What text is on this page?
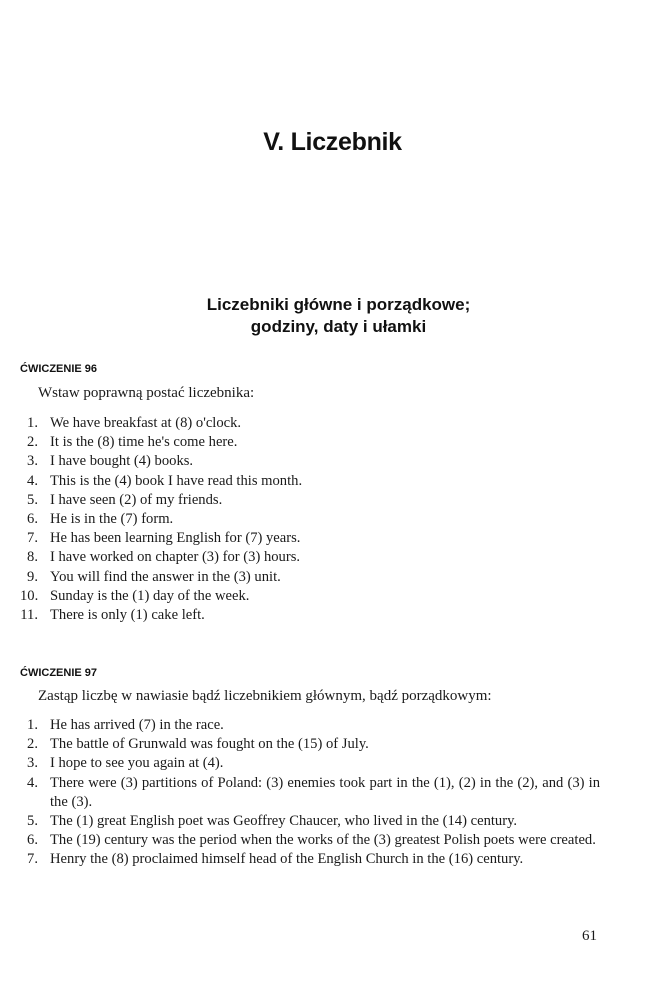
V. Liczebnik
Liczebniki główne i porządkowe;
godziny, daty i ułamki
ĆWICZENIE 96
Wstaw poprawną postać liczebnika:
1. We have breakfast at (8) o'clock.
2. It is the (8) time he's come here.
3. I have bought (4) books.
4. This is the (4) book I have read this month.
5. I have seen (2) of my friends.
6. He is in the (7) form.
7. He has been learning English for (7) years.
8. I have worked on chapter (3) for (3) hours.
9. You will find the answer in the (3) unit.
10. Sunday is the (1) day of the week.
11. There is only (1) cake left.
ĆWICZENIE 97
Zastąp liczbę w nawiasie bądź liczebnikiem głównym, bądź porządkowym:
1. He has arrived (7) in the race.
2. The battle of Grunwald was fought on the (15) of July.
3. I hope to see you again at (4).
4. There were (3) partitions of Poland: (3) enemies took part in the (1), (2) in the (2), and (3) in the (3).
5. The (1) great English poet was Geoffrey Chaucer, who lived in the (14) century.
6. The (19) century was the period when the works of the (3) greatest Polish poets were created.
7. Henry the (8) proclaimed himself head of the English Church in the (16) century.
61
